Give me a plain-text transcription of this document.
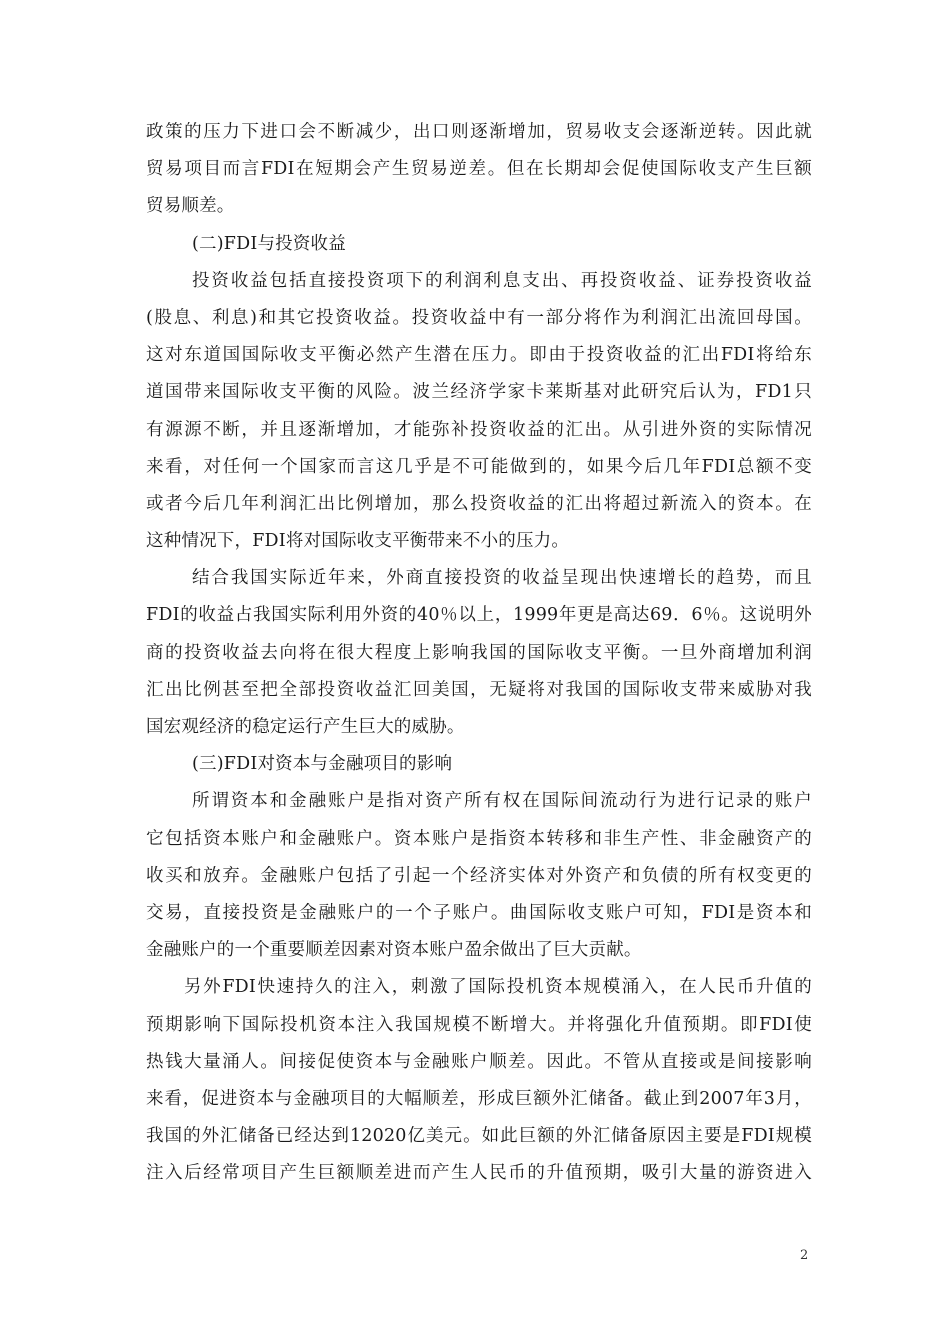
政策的压力下进口会不断减少，出口则逐渐增加，贸易收支会逐渐逆转。因此就
贸易项目而言FDI在短期会产生贸易逆差。但在长期却会促使国际收支产生巨额
贸易顺差。
(二)FDI与投资收益
投资收益包括直接投资项下的利润利息支出、再投资收益、证券投资收益
(股息、利息)和其它投资收益。投资收益中有一部分将作为利润汇出流回母国。
这对东道国国际收支平衡必然产生潜在压力。即由于投资收益的汇出FDI将给东
道国带来国际收支平衡的风险。波兰经济学家卡莱斯基对此研究后认为，FD1只
有源源不断，并且逐渐增加，才能弥补投资收益的汇出。从引进外资的实际情况
来看，对任何一个国家而言这几乎是不可能做到的，如果今后几年FDI总额不变
或者今后几年利润汇出比例增加，那么投资收益的汇出将超过新流入的资本。在
这种情况下，FDI将对国际收支平衡带来不小的压力。
结合我国实际近年来，外商直接投资的收益呈现出快速增长的趋势，而且
FDI的收益占我国实际利用外资的40％以上，1999年更是高达69．6％。这说明外
商的投资收益去向将在很大程度上影响我国的国际收支平衡。一旦外商增加利润
汇出比例甚至把全部投资收益汇回美国，无疑将对我国的国际收支带来威胁对我
国宏观经济的稳定运行产生巨大的威胁。
(三)FDI对资本与金融项目的影响
所谓资本和金融账户是指对资产所有权在国际间流动行为进行记录的账户
它包括资本账户和金融账户。资本账户是指资本转移和非生产性、非金融资产的
收买和放弃。金融账户包括了引起一个经济实体对外资产和负债的所有权变更的
交易，直接投资是金融账户的一个子账户。曲国际收支账户可知，FDI是资本和
金融账户的一个重要顺差因素对资本账户盈余做出了巨大贡献。
另外FDI快速持久的注入，刺激了国际投机资本规模涌入，在人民币升值的
预期影响下国际投机资本注入我国规模不断增大。并将强化升值预期。即FDI使
热钱大量涌人。间接促使资本与金融账户顺差。因此。不管从直接或是间接影响
来看，促进资本与金融项目的大幅顺差，形成巨额外汇储备。截止到2007年3月，
我国的外汇储备已经达到12020亿美元。如此巨额的外汇储备原因主要是FDI规模
注入后经常项目产生巨额顺差进而产生人民币的升值预期，吸引大量的游资进入
2
